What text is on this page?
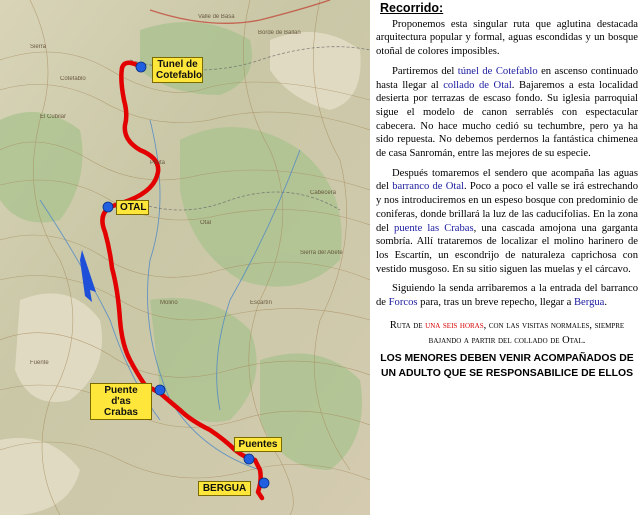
Valle de Basa
Sierra
Borde de Ballan
El Cubilar
Pleita
Molino
Otal
Escartín
Cotefablo
Fuente
Cabecera
Sierra del Abete
Tunel de Cotefablo
OTAL
Puente d'as Crabas
Puentes
BERGUA
Recorrido:

Proponemos esta singular ruta que aglutina destacada arquitectura popular y formal, aguas escondidas y un bosque otoñal de colores imposibles.

Partiremos del túnel de Cotefablo en ascenso continuado hasta llegar al collado de Otal. Bajaremos a esta localidad desierta por terrazas de escaso fondo. Su iglesia parroquial sigue el modelo de canon serrablés con espectacular cabecera. No hace mucho cedió su techumbre, pero ya ha sido repuesta. No debemos perdernos la fantástica chimenea de casa Sanromán, entre las mejores de su especie.

Después tomaremos el sendero que acompaña las aguas del barranco de Otal. Poco a poco el valle se irá estrechando y nos introduciremos en un espeso bosque con predominio de coniferas, donde brillará la luz de las caducifolias. En la zona del puente las Crabas, una cascada amojona una garganta sombría. Allí trataremos de localizar el molino harinero de los Escartín, un escondrijo de naturaleza caprichosa con vestido musgoso. En su sitio siguen las muelas y el cárcavo.

Siguiendo la senda arribaremos a la entrada del barranco de Forcos para, tras un breve repecho, llegar a Bergua.

Ruta de una seis horas, con las visitas normales, siempre bajando a partir del collado de Otal.
LOS MENORES DEBEN VENIR ACOMPAÑADOS DE UN ADULTO QUE SE RESPONSABILICE DE ELLOS
